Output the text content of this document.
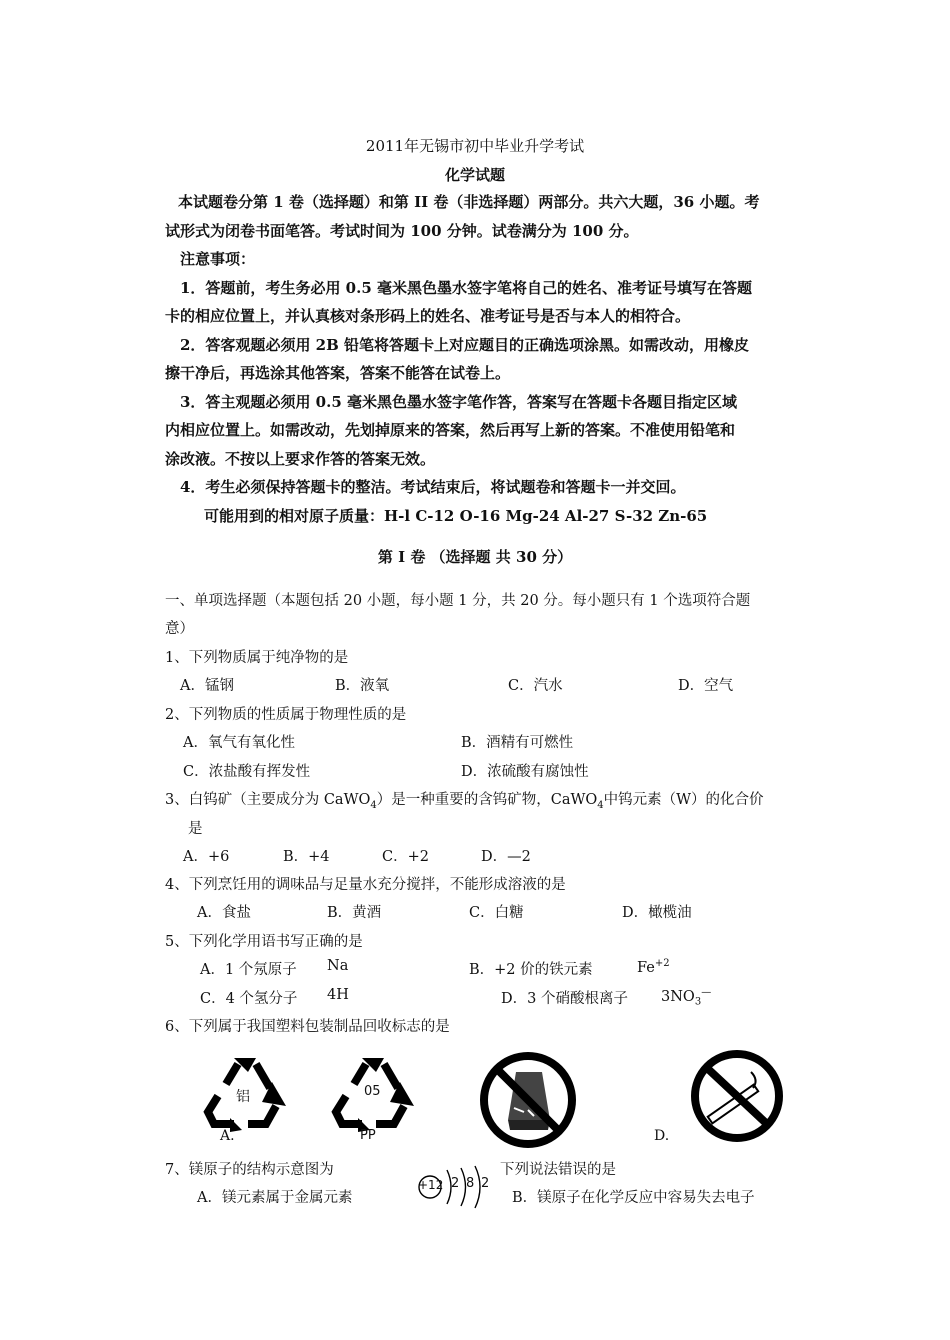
2011年无锡市初中毕业升学考试
化学试题
本试题卷分第 1 卷（选择题）和第 II 卷（非选择题）两部分。共六大题，36 小题。考
试形式为闭卷书面笔答。考试时间为 100 分钟。试卷满分为 100 分。
注意事项：
1．答题前，考生务必用 0.5 毫米黑色墨水签字笔将自己的姓名、准考证号填写在答题
卡的相应位置上，并认真核对条形码上的姓名、准考证号是否与本人的相符合。
2．答客观题必须用 2B 铅笔将答题卡上对应题目的正确选项涂黑。如需改动，用橡皮
擦干净后，再选涂其他答案，答案不能答在试卷上。
3．答主观题必须用 0.5 毫米黑色墨水签字笔作答，答案写在答题卡各题目指定区域
内相应位置上。如需改动，先划掉原来的答案，然后再写上新的答案。不准使用铅笔和
涂改液。不按以上要求作答的答案无效。
4．考生必须保持答题卡的整洁。考试结束后，将试题卷和答题卡一并交回。
可能用到的相对原子质量：H-l C-12 O-16 Mg-24 Al-27 S-32 Zn-65
第 I 卷 （选择题 共 30 分）
一、单项选择题（本题包括 20 小题，每小题 1 分，共 20 分。每小题只有 1 个选项符合题
意）
1、下列物质属于纯净物的是
A．锰钢	B．液氧	C．汽水	D．空气
2、下列物质的性质属于物理性质的是
A．氧气有氧化性	B．酒精有可燃性
C．浓盐酸有挥发性	D．浓硫酸有腐蚀性
3、白钨矿（主要成分为 CaWO$_4$）是一种重要的含钨矿物，CaWO$_4$中钨元素（W）的化合价
是
A．+6	B．+4	C．+2	D．—2
4、下列烹饪用的调味品与足量水充分搅拌，不能形成溶液的是
A．食盐	B．黄酒	C．白糖	D．橄榄油
5、下列化学用语书写正确的是
A．1 个氖原子 Na	B．+2 价的铁元素	$Fe^{+2}$
C．4 个氢分子 4H	D．3 个硝酸根离子 $3NO_3^—$
6、下列属于我国塑料包装制品回收标志的是
铝
A.
05
PP	D.
7、镁原子的结构示意图为	下列说法错误的是
+12 2 8 2
A．镁元素属于金属元素	B．镁原子在化学反应中容易失去电子
